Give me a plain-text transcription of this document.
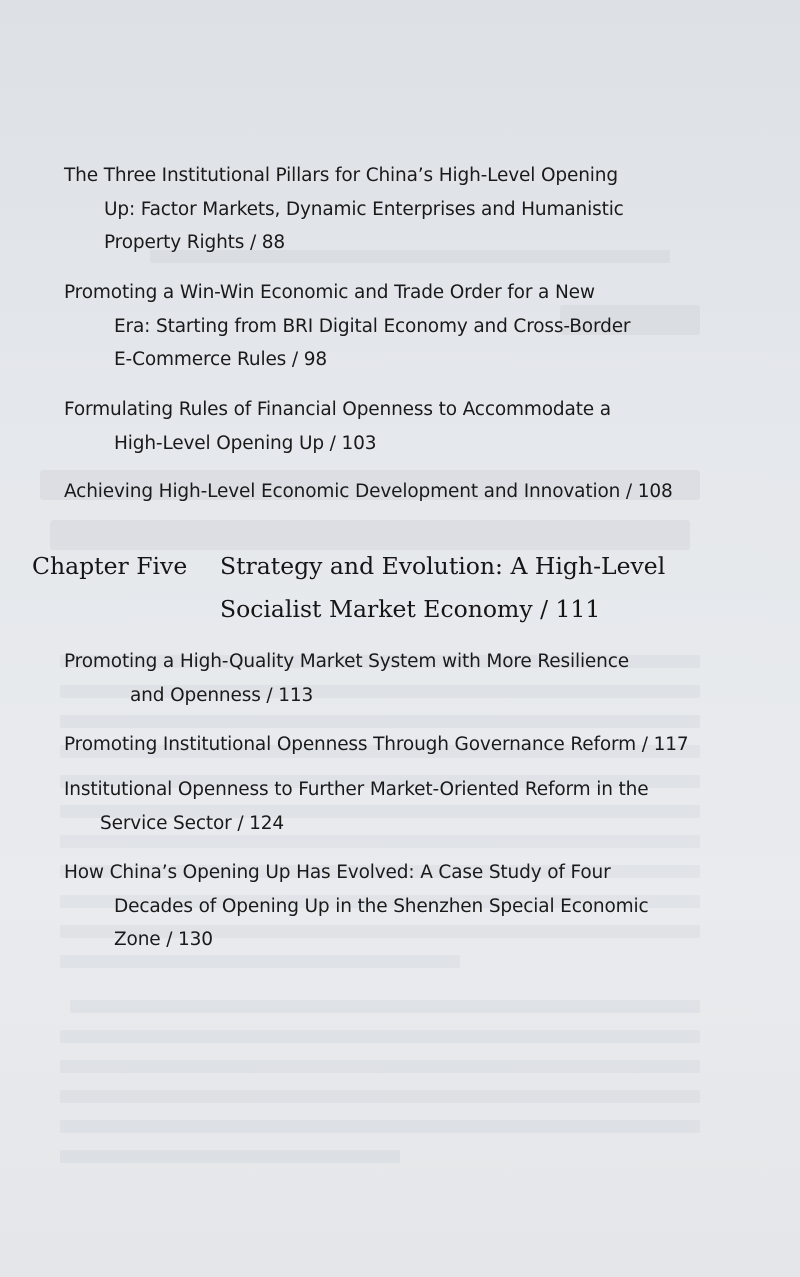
The Three Institutional Pillars for China’s High-Level Opening
Up: Factor Markets, Dynamic Enterprises and Humanistic
Property Rights / 88
Promoting a Win-Win Economic and Trade Order for a New
Era: Starting from BRI Digital Economy and Cross-Border
E-Commerce Rules / 98
Formulating Rules of Financial Openness to Accommodate a
High-Level Opening Up / 103
Achieving High-Level Economic Development and Innovation / 108
Chapter Five Strategy and Evolution: A High-Level
Socialist Market Economy / 111
Promoting a High-Quality Market System with More Resilience
and Openness / 113
Promoting Institutional Openness Through Governance Reform / 117
Institutional Openness to Further Market-Oriented Reform in the
Service Sector / 124
How China’s Opening Up Has Evolved: A Case Study of Four
Decades of Opening Up in the Shenzhen Special Economic
Zone / 130
